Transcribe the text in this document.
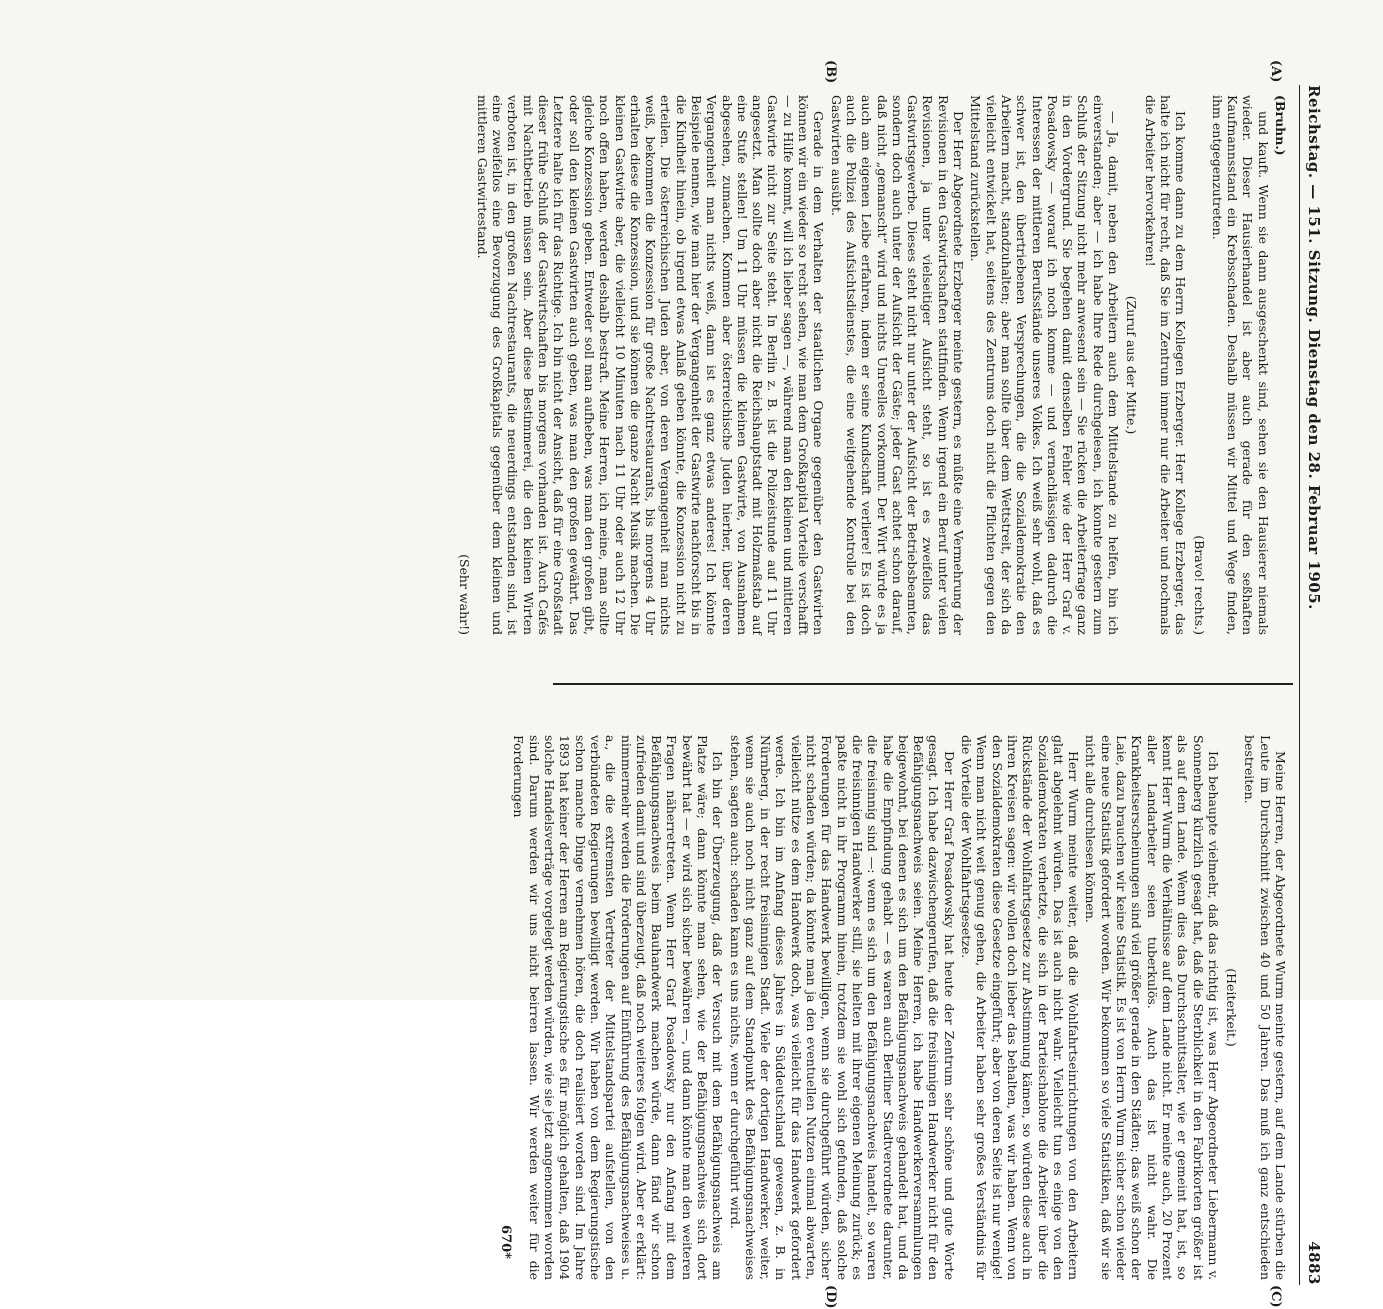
Reichstag. — 151. Sitzung. Dienstag den 28. Februar 1905.
4883
(A)
(B)
(C)
(D)

(Bruhn.)

und kauft. Wenn sie dann ausgeschenkt sind, sehen sie den Hausierer niemals wieder. Dieser Hausierhandel ist aber auch gerade für den seßhaften Kaufmannsstand ein Krebsschaden. Deshalb müssen wir Mittel und Wege finden, ihm entgegenzutreten.

(Bravo! rechts.)

Ich komme dann zu dem Herrn Kollegen Erzberger. Herr Kollege Erzberger, das halte ich nicht für recht, daß Sie im Zentrum immer nur die Arbeiter und nochmals die Arbeiter hervorkehren!

(Zuruf aus der Mitte.)

— Ja, damit, neben den Arbeitern auch dem Mittelstande zu helfen, bin ich einverstanden; aber — ich habe Ihre Rede durchgelesen, ich konnte gestern zum Schluß der Sitzung nicht mehr anwesend sein — Sie rücken die Arbeiterfrage ganz in den Vordergrund. Sie begehen damit denselben Fehler wie der Herr Graf v. Posadowsky — worauf ich noch komme — und vernachlässigen dadurch die Interessen der mittleren Berufsstände unseres Volkes. Ich weiß sehr wohl, daß es schwer ist, den übertriebenen Versprechungen, die die Sozialdemokratie den Arbeitern macht, standzuhalten; aber man sollte über dem Wettstreit, der sich da vielleicht entwickelt hat, seitens des Zentrums doch nicht die Pflichten gegen den Mittelstand zurückstellen.

Der Herr Abgeordnete Erzberger meinte gestern, es müßte eine Vermehrung der Revisionen in den Gastwirtschaften stattfinden. Wenn irgend ein Beruf unter vielen Revisionen, ja unter vielseitiger Aufsicht steht, so ist es zweifellos das Gastwirtsgewerbe. Dieses steht nicht nur unter der Aufsicht der Betriebsbeamten, sondern doch auch unter der Aufsicht der Gäste; jeder Gast achtet schon darauf, daß nicht „gemanscht“ wird und nichts Unreelles vorkommt. Der Wirt würde es ja auch am eigenen Leibe erfahren, indem er seine Kundschaft verliere! Es ist doch auch die Polizei des Aufsichtsdienstes, die eine weitgehende Kontrolle bei den Gastwirten ausübt.

Gerade in dem Verhalten der staatlichen Organe gegenüber den Gastwirten können wir ein wieder so recht sehen, wie man dem Großkapital Vorteile verschafft — zu Hilfe kommt, will ich lieber sagen —, während man den kleinen und mittleren Gastwirte nicht zur Seite steht. In Berlin z. B. ist die Polizeistunde auf 11 Uhr angesetzt. Man sollte doch aber nicht die Reichshauptstadt mit Holzmaßstab auf eine Stufe stellen! Um 11 Uhr müssen die kleinen Gastwirte, von Ausnahmen abgesehen, zumachen. Kommen aber österreichische Juden hierher, über deren Vergangenheit man nichts weiß, dann ist es ganz etwas anderes! Ich könnte Beispiele nennen, wie man hier der Vergangenheit der Gastwirte nachforscht bis in die Kindheit hinein, ob irgend etwas Anlaß geben könnte, die Konzession nicht zu erteilen. Die österreichischen Juden aber, von deren Vergangenheit man nichts weiß, bekommen die Konzession für große Nachtrestaurants, bis morgens 4 Uhr erhalten diese die Konzession, und sie können die ganze Nacht Musik machen. Die kleinen Gastwirte aber, die vielleicht 10 Minuten nach 11 Uhr oder auch 12 Uhr noch offen haben, werden deshalb bestraft. Meine Herren, ich meine, man sollte gleiche Konzession geben. Entweder soll man aufheben, was man den großen gibt, oder soll den kleinen Gastwirten auch geben, was man den großen gewährt. Das Letztere halte ich für das Richtige. Ich bin nicht der Ansicht, daß für eine Großstadt dieser frühe Schluß der Gastwirtschaften bis morgens vorhanden ist. Auch Cafés mit Nachtbetrieb müssen sein. Aber diese Bestimmerei, die den kleinen Wirten verboten ist, in den großen Nachtrestaurants, die neuerdings entstanden sind, ist eine zweifellos eine Bevorzugung des Großkapitals gegenüber dem kleinen und mittleren Gastwirtestand.

(Sehr wahr!)

Meine Herren, der Abgeordnete Wurm meinte gestern, auf dem Lande stürben die Leute im Durchschnitt zwischen 40 und 50 Jahren. Das muß ich ganz entschieden bestreiten.

(Heiterkeit.)

Ich behaupte vielmehr, daß das richtig ist, was Herr Abgeordneter Liebermann v. Sonnenberg kürzlich gesagt hat, daß die Sterblichkeit in den Fabrikorten größer ist als auf dem Lande. Wenn dies das Durchschnittsalter, wie er gemeint hat, ist, so kennt Herr Wurm die Verhältnisse auf dem Lande nicht. Er meinte auch, 20 Prozent aller Landarbeiter seien tuberkulös. Auch das ist nicht wahr. Die Krankheitserscheinungen sind viel größer gerade in den Städten; das weiß schon der Laie, dazu brauchen wir keine Statistik. Es ist von Herrn Wurm sicher schon wieder eine neue Statistik gefordert worden. Wir bekommen so viele Statistiken, daß wir sie nicht alle durchlesen können.

Herr Wurm meinte weiter, daß die Wohlfahrtseinrichtungen von den Arbeitern glatt abgelehnt würden. Das ist auch nicht wahr. Vielleicht tun es einige von den Sozialdemokraten verhetzte, die sich in der Parteischablone die Arbeiter über die Rückstände der Wohlfahrtsgesetze zur Abstimmung kämen, so würden diese auch in ihren Kreisen sagen: wir wollen doch lieber das behalten, was wir haben. Wenn von den Sozialdemokraten diese Gesetze eingeführt; aber von deren Seite ist nur wenige! Wenn man nicht weit genug gehen, die Arbeiter haben sehr großes Verständnis für die Vorteile der Wohlfahrtsgesetze.

Der Herr Graf Posadowsky hat heute der Zentrum sehr schöne und gute Worte gesagt. Ich habe dazwischengerufen, daß die freisinnigen Handwerker nicht für den Befähigungsnachweis seien. Meine Herren, ich habe Handwerkerversammlungen beigewohnt, bei denen es sich um den Befähigungsnachweis gehandelt hat, und da habe die Empfindung gehabt — es waren auch Berliner Stadtverordnete darunter, die freisinnig sind —: wenn es sich um den Befähigungsnachweis handelt, so waren die freisinnigen Handwerker still, sie hielten mit ihrer eigenen Meinung zurück; es paßte nicht in ihr Programm hinein, trotzdem sie wohl sich gefunden, daß solche Forderungen für das Handwerk bewilligen, wenn sie durchgeführt würden, sicher nicht schaden würden; da könnte man ja den eventuellen Nutzen einmal abwarten, vielleicht nütze es dem Handwerk doch, was vielleicht für das Handwerk gefordert werde. Ich bin im Anfang dieses Jahres in Süddeutschland gewesen, z. B. in Nürnberg, in der recht freisinnigen Stadt. Viele der dortigen Handwerker, weiter, wenn sie auch noch nicht ganz auf dem Standpunkt des Befähigungsnachweises stehen, sagten auch: schaden kann es uns nichts, wenn er durchgeführt wird.

Ich bin der Überzeugung, daß der Versuch mit dem Befähigungsnachweis am Platze wäre; dann könnte man sehen, wie der Befähigungsnachweis sich dort bewährt hat — er wird sich sicher bewähren —, und dann könnte man den weiteren Fragen näherretreten. Wenn Herr Graf Posadowsky nur den Anfang mit dem Befähigungsnachweis beim Bauhandwerk machen würde, dann fänd wir schon zufrieden damit und sind überzeugt, daß noch weiteres folgen wird. Aber er erklärt: nimmermehr werden die Forderungen auf Einführung des Befähigungsnachweises u. a., die die extremsten Vertreter der Mittelstandspartei aufstellen, von den verbündeten Regierungen bewilligt werden. Wir haben von dem Regierungstische schon manche Dinge vernehmen hören, die doch realisiert worden sind. Im Jahre 1893 hat keiner der Herren am Regierungstische es für möglich gehalten, daß 1904 solche Handelsverträge vorgelegt werden würden, wie sie jetzt angenommen worden sind. Darum werden wir uns nicht beirren lassen. Wir werden weiter für die Forderungen

670*
